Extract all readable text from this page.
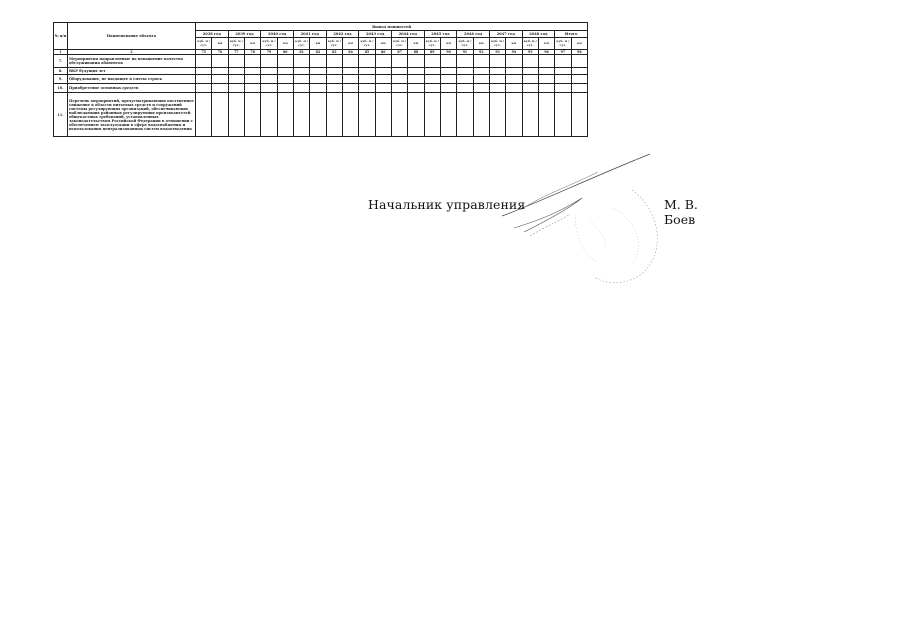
№ п/п	Наименование объекта	Вывод мощностей																							
		2038 год		2039 год		2040 год		2041 год		2042 год		2043 год		2044 год		2045 год		2046 год		2047 год		2048 год		Итого	
		куб. м / сут.	км	куб. м / сут.	км	куб. м / сут.	км	куб. м / сут.	км	куб. м / сут.	км	куб. м / сут.	км	куб. м / сут.	км	куб. м / сут.	км	куб. м / сут.	км	куб. м / сут.	км	куб. м / сут.	км	куб. м / сут.	км
1	2	75	76	77	78	79	80	81	82	83	84	85	86	87	88	89	90	91	92	93	94	95	96	97	98
7.	Мероприятия направленные на повышение качества обслуживания абонентов																								
8.	ВКР будущих лет																								
9.	Оборудование, не входящее в сметы строек																								
10.	Приобретение основных средств																								
11.	Перечень мероприятий, предусматривающих постепенное снижение в области питьевых средств и сооружений системы регулирующих организаций, обеспечивающих наблюдающих районных регулирующих производителей общекостных требований, установленных законодательством Российской Федерации в отношении с обеспечением эксплуатации в сфере водоснабжения и использования централизованных систем водоотведения																								
Начальник управления	М. В. Боев
